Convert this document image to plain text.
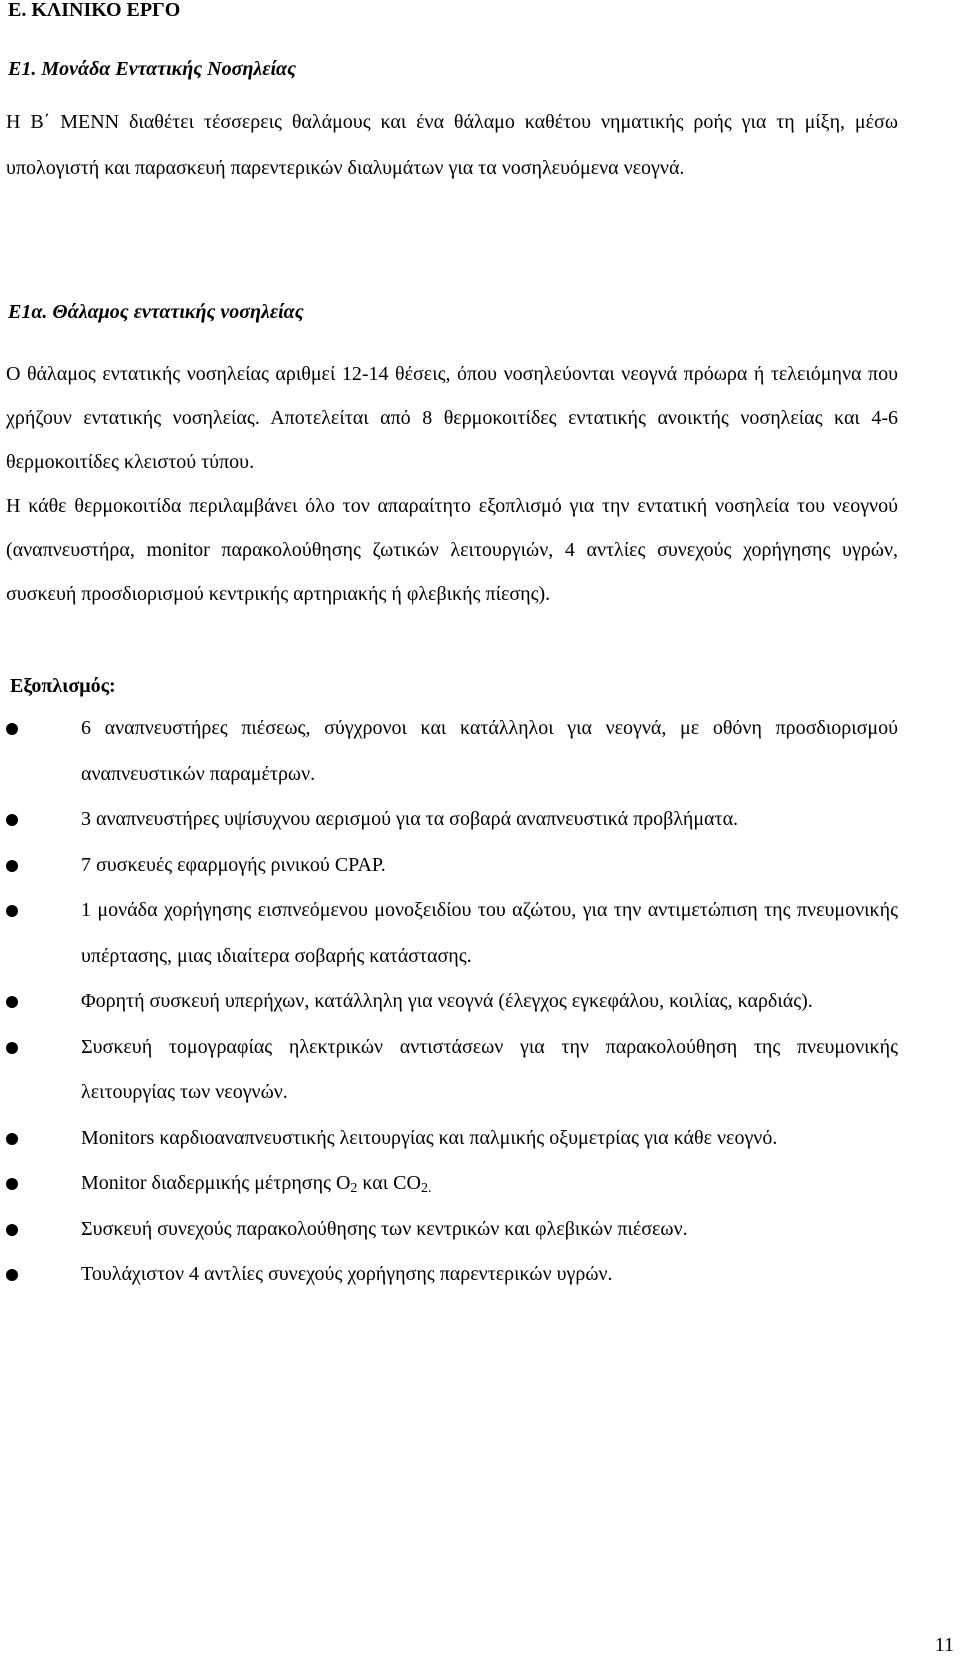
Ε. ΚΛΙΝΙΚΟ ΕΡΓΟ

Ε1. Μονάδα Εντατικής Νοσηλείας

Η Β΄ ΜΕΝΝ διαθέτει τέσσερεις θαλάμους και ένα θάλαμο καθέτου νηματικής ροής για τη μίξη, μέσω υπολογιστή και παρασκευή παρεντερικών διαλυμάτων για τα νοσηλευόμενα νεογνά.

Ε1α. Θάλαμος εντατικής νοσηλείας

Ο θάλαμος εντατικής νοσηλείας αριθμεί 12-14 θέσεις, όπου νοσηλεύονται νεογνά πρόωρα ή τελειόμηνα που χρήζουν εντατικής νοσηλείας. Αποτελείται από 8 θερμοκοιτίδες εντατικής ανοικτής νοσηλείας και 4-6 θερμοκοιτίδες κλειστού τύπου.

Η κάθε θερμοκοιτίδα περιλαμβάνει όλο τον απαραίτητο εξοπλισμό για την εντατική νοσηλεία του νεογνού (αναπνευστήρα, monitor παρακολούθησης ζωτικών λειτουργιών, 4 αντλίες συνεχούς χορήγησης υγρών, συσκευή προσδιορισμού κεντρικής αρτηριακής ή φλεβικής πίεσης).

Εξοπλισμός:

6 αναπνευστήρες πιέσεως, σύγχρονοι και κατάλληλοι για νεογνά, με οθόνη προσδιορισμού αναπνευστικών παραμέτρων.
3 αναπνευστήρες υψίσυχνου αερισμού για τα σοβαρά αναπνευστικά προβλήματα.
7 συσκευές εφαρμογής ρινικού CPAP.
1 μονάδα χορήγησης εισπνεόμενου μονοξειδίου του αζώτου, για την αντιμετώπιση της πνευμονικής υπέρτασης, μιας ιδιαίτερα σοβαρής κατάστασης.
Φορητή συσκευή υπερήχων, κατάλληλη για νεογνά (έλεγχος εγκεφάλου, κοιλίας, καρδιάς).
Συσκευή τομογραφίας ηλεκτρικών αντιστάσεων για την παρακολούθηση της πνευμονικής λειτουργίας των νεογνών.
Monitors καρδιοαναπνευστικής λειτουργίας και παλμικής οξυμετρίας για κάθε νεογνό.
Monitor διαδερμικής μέτρησης $O_2$ και $CO_{2.}$
Συσκευή συνεχούς παρακολούθησης των κεντρικών και φλεβικών πιέσεων.
Τουλάχιστον 4 αντλίες συνεχούς χορήγησης παρεντερικών υγρών.
11
